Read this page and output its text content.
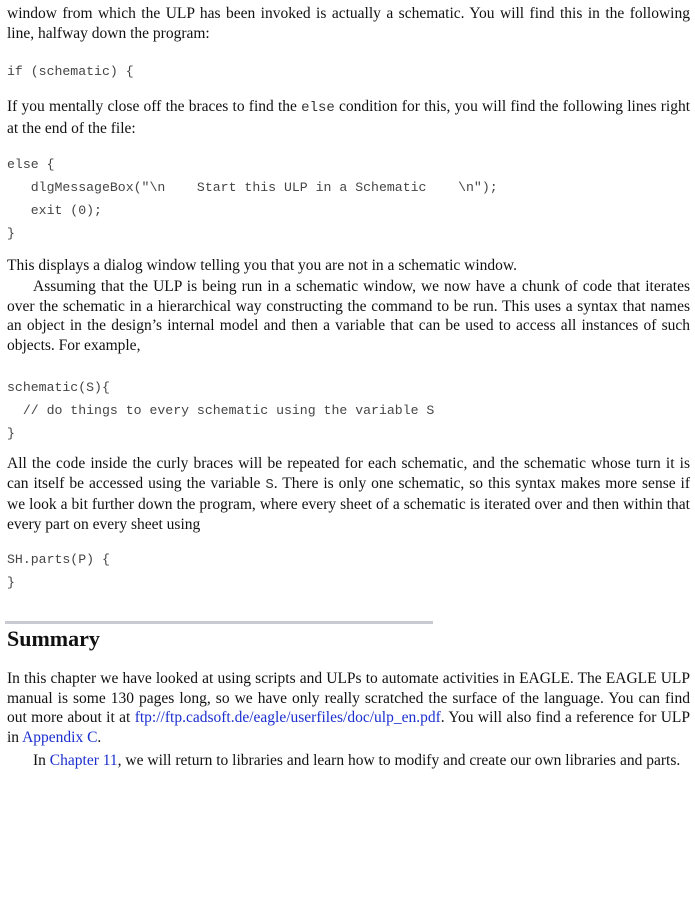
window from which the ULP has been invoked is actually a schematic. You will find this in the following line, halfway down the program:

if (schematic) {

If you mentally close off the braces to find the else condition for this, you will find the following lines right at the end of the file:

else {
dlgMessageBox("\n    Start this ULP in a Schematic    \n");
exit (0);
}

This displays a dialog window telling you that you are not in a schematic window.

Assuming that the ULP is being run in a schematic window, we now have a chunk of code that iterates over the schematic in a hierarchical way constructing the command to be run. This uses a syntax that names an object in the design’s internal model and then a variable that can be used to access all instances of such objects. For example,

schematic(S){
// do things to every schematic using the variable S
}

All the code inside the curly braces will be repeated for each schematic, and the schematic whose turn it is can itself be accessed using the variable S. There is only one schematic, so this syntax makes more sense if we look a bit further down the program, where every sheet of a schematic is iterated over and then within that every part on every sheet using

SH.parts(P) {
}
Summary

In this chapter we have looked at using scripts and ULPs to automate activities in EAGLE. The EAGLE ULP manual is some 130 pages long, so we have only really scratched the surface of the language. You can find out more about it at ftp://ftp.cadsoft.de/eagle/userfiles/doc/ulp_en.pdf. You will also find a reference for ULP in Appendix C.

In Chapter 11, we will return to libraries and learn how to modify and create our own libraries and parts.
